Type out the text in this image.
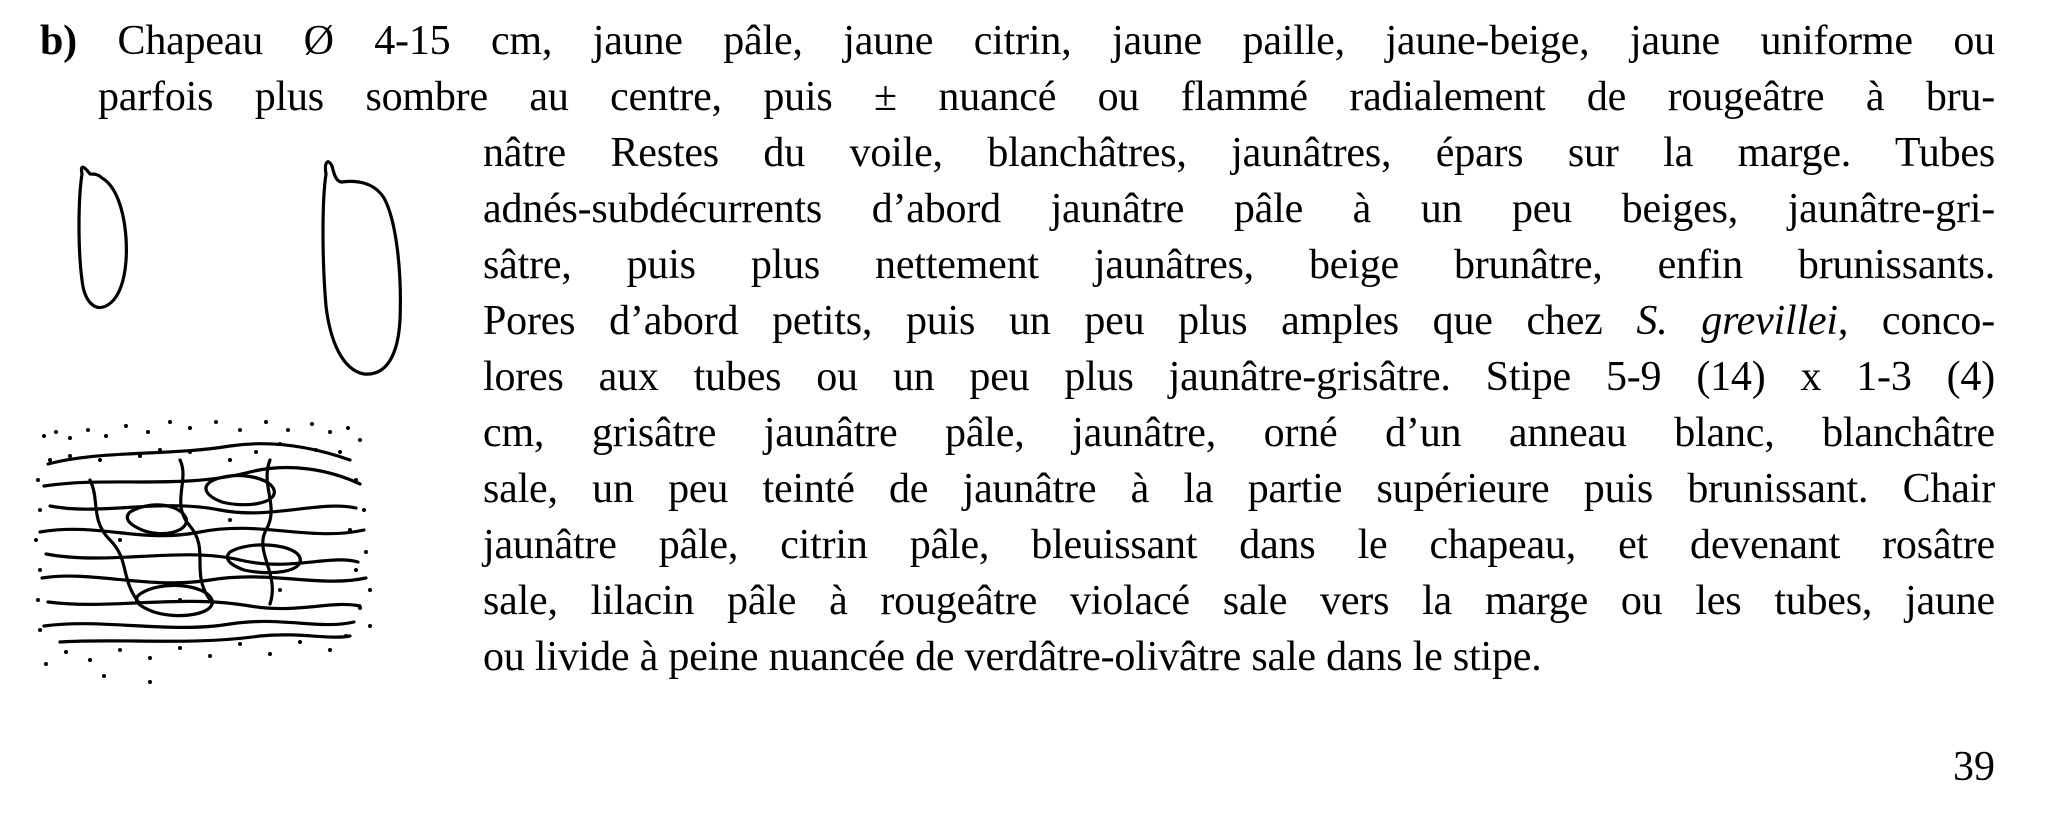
b) Chapeau Ø 4-15 cm, jaune pâle, jaune citrin, jaune paille, jaune-beige, jaune uniforme ou
parfois plus sombre au centre, puis ± nuancé ou flammé radialement de rougeâtre à bru-
nâtre Restes du voile, blanchâtres, jaunâtres, épars sur la marge. Tubes
adnés-subdécurrents d’abord jaunâtre pâle à un peu beiges, jaunâtre-gri-
sâtre, puis plus nettement jaunâtres, beige brunâtre, enfin brunissants.
Pores d’abord petits, puis un peu plus amples que chez S. grevillei, conco-
lores aux tubes ou un peu plus jaunâtre-grisâtre. Stipe 5-9 (14) x 1-3 (4)
cm, grisâtre jaunâtre pâle, jaunâtre, orné d’un anneau blanc, blanchâtre
sale, un peu teinté de jaunâtre à la partie supérieure puis brunissant. Chair
jaunâtre pâle, citrin pâle, bleuissant dans le chapeau, et devenant rosâtre
sale, lilacin pâle à rougeâtre violacé sale vers la marge ou les tubes, jaune
ou livide à peine nuancée de verdâtre-olivâtre sale dans le stipe.
39
